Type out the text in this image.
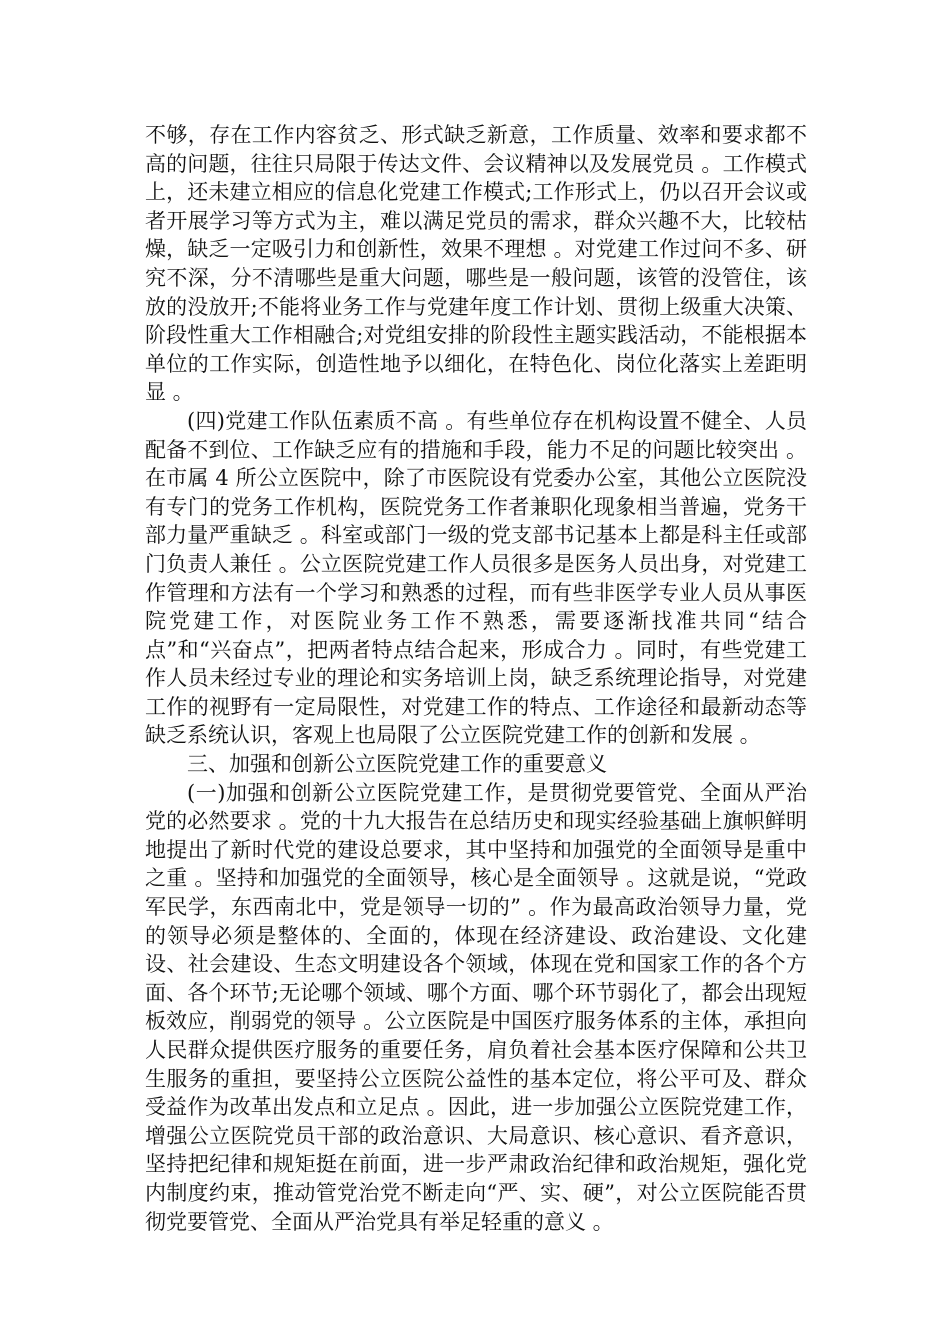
不够，存在工作内容贫乏、形式缺乏新意，工作质量、效率和要求都不高的问题，往往只局限于传达文件、会议精神以及发展党员 。工作模式上，还未建立相应的信息化党建工作模式;工作形式上，仍以召开会议或者开展学习等方式为主，难以满足党员的需求，群众兴趣不大，比较枯燥，缺乏一定吸引力和创新性，效果不理想 。对党建工作过问不多、研究不深，分不清哪些是重大问题，哪些是一般问题，该管的没管住，该放的没放开;不能将业务工作与党建年度工作计划、贯彻上级重大决策、阶段性重大工作相融合;对党组安排的阶段性主题实践活动，不能根据本单位的工作实际，创造性地予以细化，在特色化、岗位化落实上差距明显 。

(四)党建工作队伍素质不高 。有些单位存在机构设置不健全、人员配备不到位、工作缺乏应有的措施和手段，能力不足的问题比较突出 。在市属 4 所公立医院中，除了市医院设有党委办公室，其他公立医院没有专门的党务工作机构，医院党务工作者兼职化现象相当普遍，党务干部力量严重缺乏 。科室或部门一级的党支部书记基本上都是科主任或部门负责人兼任 。公立医院党建工作人员很多是医务人员出身，对党建工作管理和方法有一个学习和熟悉的过程，而有些非医学专业人员从事医院党建工作，对医院业务工作不熟悉，需要逐渐找准共同“结合点”和“兴奋点”，把两者特点结合起来，形成合力 。同时，有些党建工作人员未经过专业的理论和实务培训上岗，缺乏系统理论指导，对党建工作的视野有一定局限性，对党建工作的特点、工作途径和最新动态等缺乏系统认识，客观上也局限了公立医院党建工作的创新和发展 。

三、加强和创新公立医院党建工作的重要意义

(一)加强和创新公立医院党建工作，是贯彻党要管党、全面从严治党的必然要求 。党的十九大报告在总结历史和现实经验基础上旗帜鲜明地提出了新时代党的建设总要求，其中坚持和加强党的全面领导是重中之重 。坚持和加强党的全面领导，核心是全面领导 。这就是说，“党政军民学，东西南北中，党是领导一切的” 。作为最高政治领导力量，党的领导必须是整体的、全面的，体现在经济建设、政治建设、文化建设、社会建设、生态文明建设各个领域，体现在党和国家工作的各个方面、各个环节;无论哪个领域、哪个方面、哪个环节弱化了，都会出现短板效应，削弱党的领导 。公立医院是中国医疗服务体系的主体，承担向人民群众提供医疗服务的重要任务，肩负着社会基本医疗保障和公共卫生服务的重担，要坚持公立医院公益性的基本定位，将公平可及、群众受益作为改革出发点和立足点 。因此，进一步加强公立医院党建工作，增强公立医院党员干部的政治意识、大局意识、核心意识、看齐意识，坚持把纪律和规矩挺在前面，进一步严肃政治纪律和政治规矩，强化党内制度约束，推动管党治党不断走向“严、实、硬”，对公立医院能否贯彻党要管党、全面从严治党具有举足轻重的意义 。
